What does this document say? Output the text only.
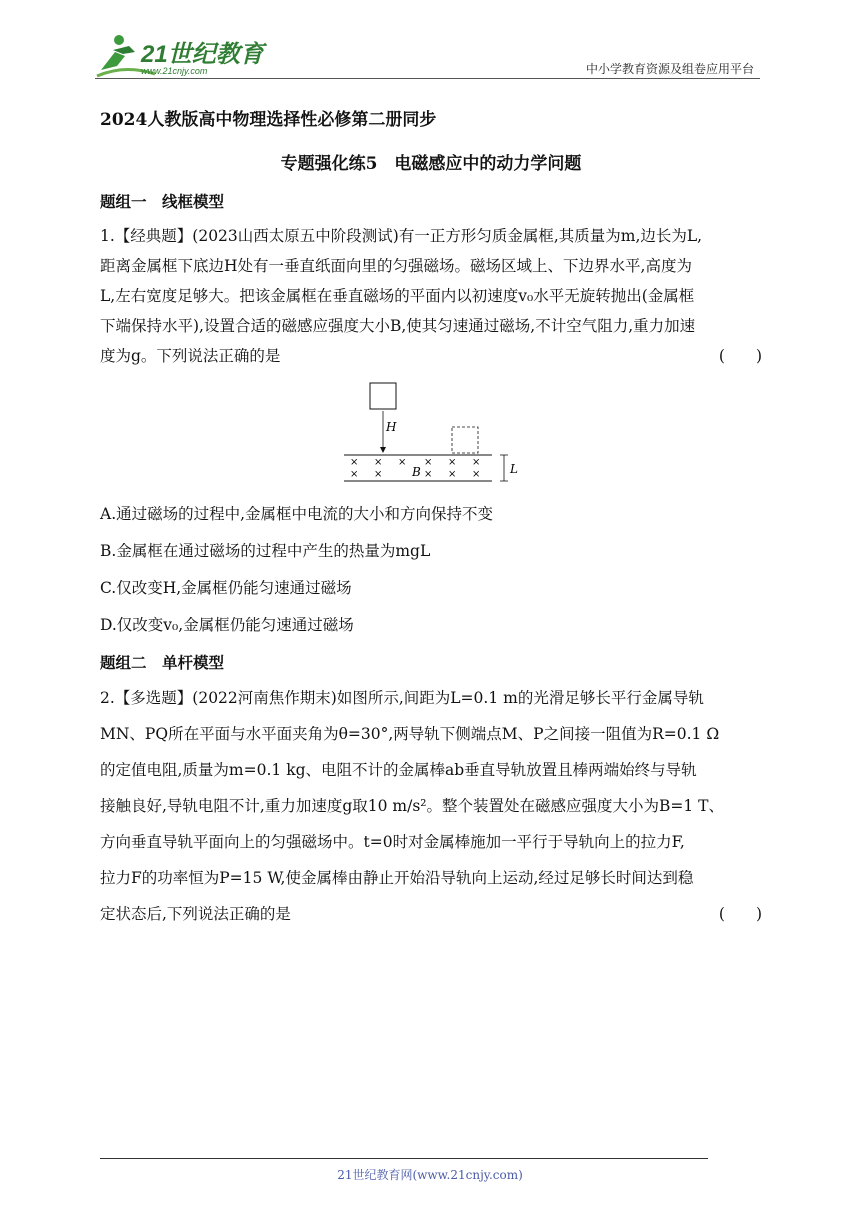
21世纪教育
www.21cnjy.com	中小学教育资源及组卷应用平台
2024人教版高中物理选择性必修第二册同步
专题强化练5　电磁感应中的动力学问题
题组一　线框模型
1.【经典题】(2023山西太原五中阶段测试)有一正方形匀质金属框,其质量为m,边长为L,
距离金属框下底边H处有一垂直纸面向里的匀强磁场。磁场区域上、下边界水平,高度为
L,左右宽度足够大。把该金属框在垂直磁场的平面内以初速度v₀水平无旋转抛出(金属框
下端保持水平),设置合适的磁感应强度大小B,使其匀速通过磁场,不计空气阻力,重力加速
度为g。下列说法正确的是	(　　)
H
× × × × × ×
× ×	× × ×
B	L
A.通过磁场的过程中,金属框中电流的大小和方向保持不变
B.金属框在通过磁场的过程中产生的热量为mgL
C.仅改变H,金属框仍能匀速通过磁场
D.仅改变v₀,金属框仍能匀速通过磁场
题组二　单杆模型
2.【多选题】(2022河南焦作期末)如图所示,间距为L=0.1 m的光滑足够长平行金属导轨
MN、PQ所在平面与水平面夹角为θ=30°,两导轨下侧端点M、P之间接一阻值为R=0.1 Ω
的定值电阻,质量为m=0.1 kg、电阻不计的金属棒ab垂直导轨放置且棒两端始终与导轨
接触良好,导轨电阻不计,重力加速度g取10 m/s²。整个装置处在磁感应强度大小为B=1 T、
方向垂直导轨平面向上的匀强磁场中。t=0时对金属棒施加一平行于导轨向上的拉力F,
拉力F的功率恒为P=15 W,使金属棒由静止开始沿导轨向上运动,经过足够长时间达到稳
定状态后,下列说法正确的是	(　　)
21世纪教育网(www.21cnjy.com)
